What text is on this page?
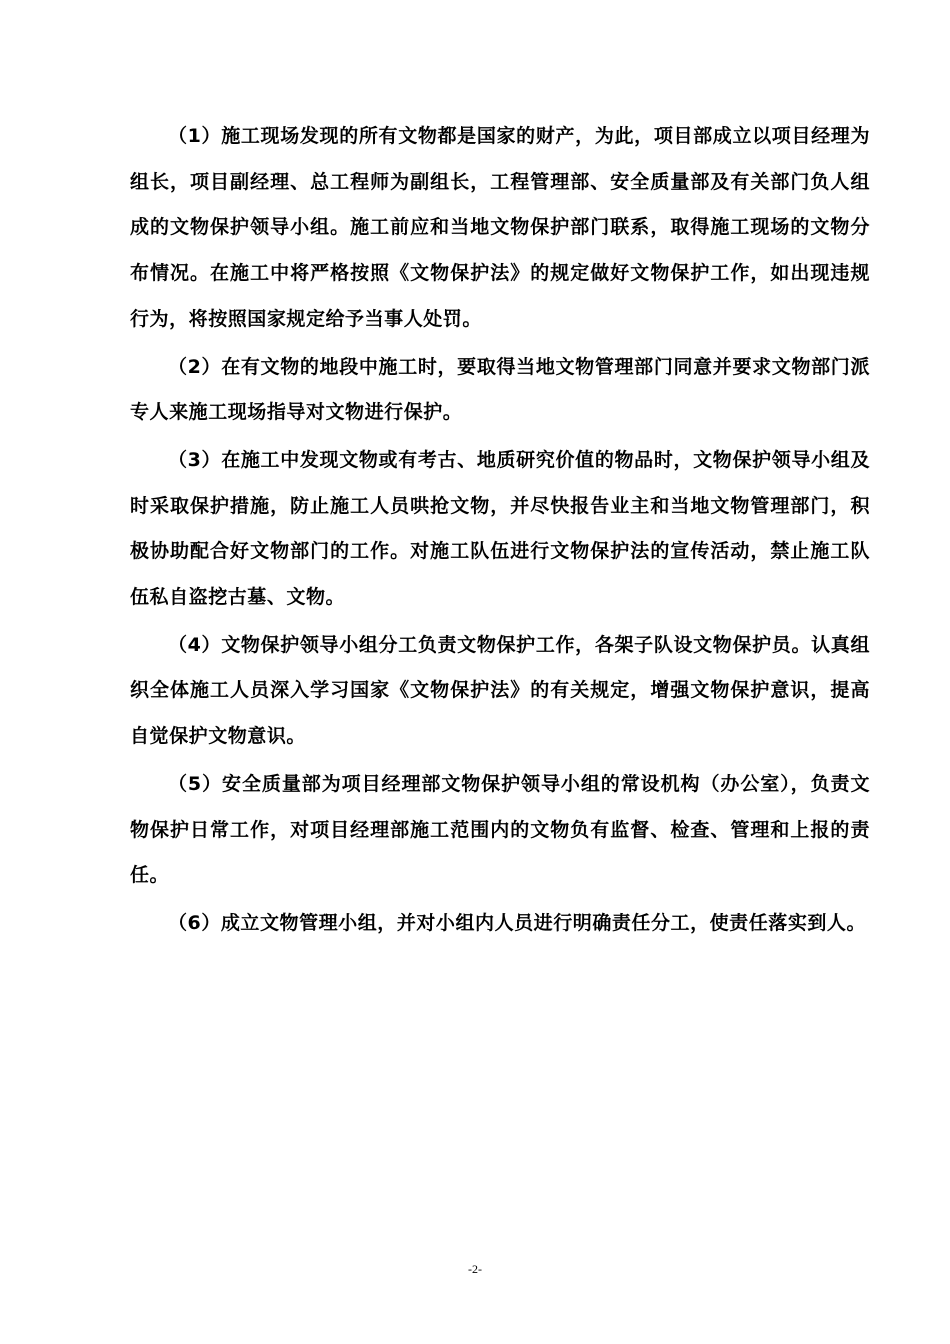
（1）施工现场发现的所有文物都是国家的财产，为此，项目部成立以项目经理为组长，项目副经理、总工程师为副组长，工程管理部、安全质量部及有关部门负人组成的文物保护领导小组。施工前应和当地文物保护部门联系，取得施工现场的文物分布情况。在施工中将严格按照《文物保护法》的规定做好文物保护工作，如出现违规行为，将按照国家规定给予当事人处罚。

（2）在有文物的地段中施工时，要取得当地文物管理部门同意并要求文物部门派专人来施工现场指导对文物进行保护。

（3）在施工中发现文物或有考古、地质研究价值的物品时，文物保护领导小组及时采取保护措施，防止施工人员哄抢文物，并尽快报告业主和当地文物管理部门，积极协助配合好文物部门的工作。对施工队伍进行文物保护法的宣传活动，禁止施工队伍私自盗挖古墓、文物。

（4）文物保护领导小组分工负责文物保护工作，各架子队设文物保护员。认真组织全体施工人员深入学习国家《文物保护法》的有关规定，增强文物保护意识，提高自觉保护文物意识。

（5）安全质量部为项目经理部文物保护领导小组的常设机构（办公室），负责文物保护日常工作，对项目经理部施工范围内的文物负有监督、检查、管理和上报的责任。

（6）成立文物管理小组，并对小组内人员进行明确责任分工，使责任落实到人。

-2-
